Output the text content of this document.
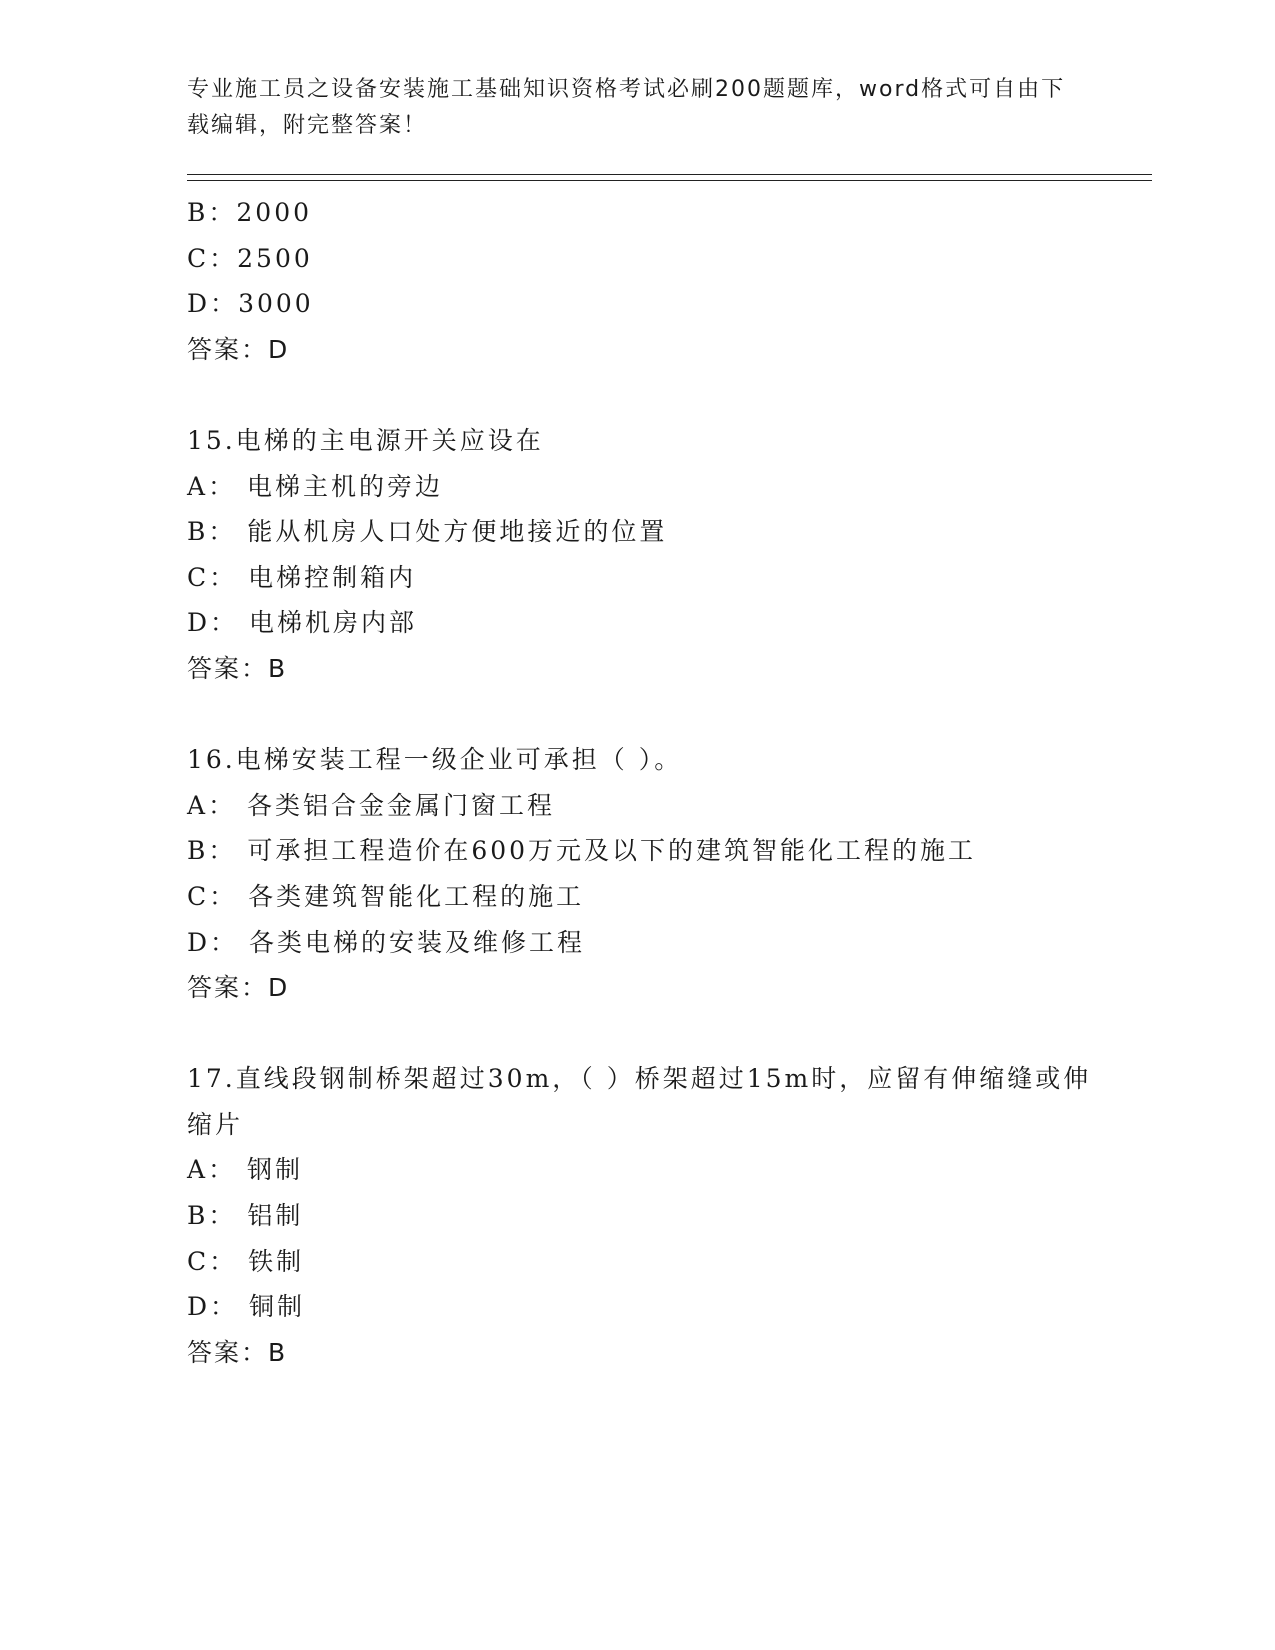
专业施工员之设备安装施工基础知识资格考试必刷200题题库，word格式可自由下载编辑，附完整答案！
B：2000
C：2500
D：3000
答案：D
15.电梯的主电源开关应设在
A： 电梯主机的旁边
B： 能从机房人口处方便地接近的位置
C： 电梯控制箱内
D： 电梯机房内部
答案：B
16.电梯安装工程一级企业可承担（ ）。
A： 各类铝合金金属门窗工程
B： 可承担工程造价在600万元及以下的建筑智能化工程的施工
C： 各类建筑智能化工程的施工
D： 各类电梯的安装及维修工程
答案：D
17.直线段钢制桥架超过30m，（ ）桥架超过15m时，应留有伸缩缝或伸缩片
A： 钢制
B： 铝制
C： 铁制
D： 铜制
答案：B
